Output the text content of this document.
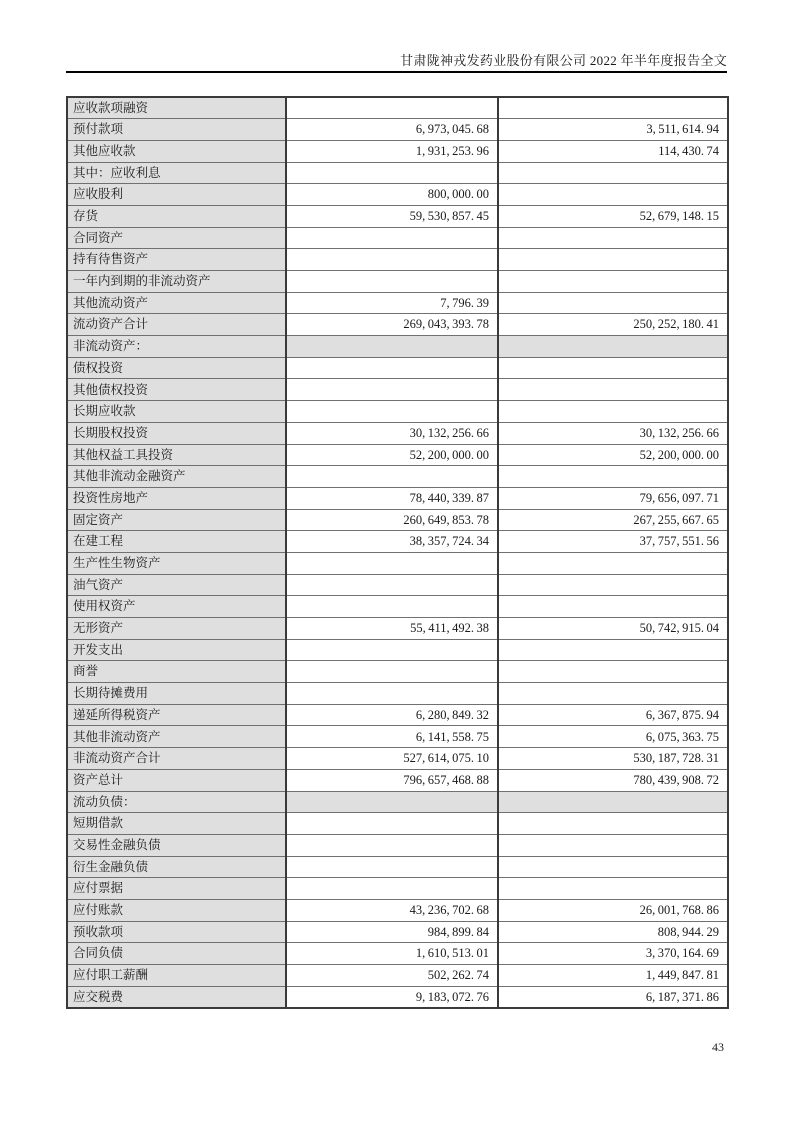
甘肃陇神戎发药业股份有限公司 2022 年半年度报告全文
应收款项融资		
预付款项	6, 973, 045. 68	3, 511, 614. 94
其他应收款	1, 931, 253. 96	114, 430. 74
其中：应收利息		
应收股利	800, 000. 00	
存货	59, 530, 857. 45	52, 679, 148. 15
合同资产		
持有待售资产		
一年内到期的非流动资产		
其他流动资产	7, 796. 39	
流动资产合计	269, 043, 393. 78	250, 252, 180. 41
非流动资产：		
债权投资		
其他债权投资		
长期应收款		
长期股权投资	30, 132, 256. 66	30, 132, 256. 66
其他权益工具投资	52, 200, 000. 00	52, 200, 000. 00
其他非流动金融资产		
投资性房地产	78, 440, 339. 87	79, 656, 097. 71
固定资产	260, 649, 853. 78	267, 255, 667. 65
在建工程	38, 357, 724. 34	37, 757, 551. 56
生产性生物资产		
油气资产		
使用权资产		
无形资产	55, 411, 492. 38	50, 742, 915. 04
开发支出		
商誉		
长期待摊费用		
递延所得税资产	6, 280, 849. 32	6, 367, 875. 94
其他非流动资产	6, 141, 558. 75	6, 075, 363. 75
非流动资产合计	527, 614, 075. 10	530, 187, 728. 31
资产总计	796, 657, 468. 88	780, 439, 908. 72
流动负债：		
短期借款		
交易性金融负债		
衍生金融负债		
应付票据		
应付账款	43, 236, 702. 68	26, 001, 768. 86
预收款项	984, 899. 84	808, 944. 29
合同负债	1, 610, 513. 01	3, 370, 164. 69
应付职工薪酬	502, 262. 74	1, 449, 847. 81
应交税费	9, 183, 072. 76	6, 187, 371. 86
43
